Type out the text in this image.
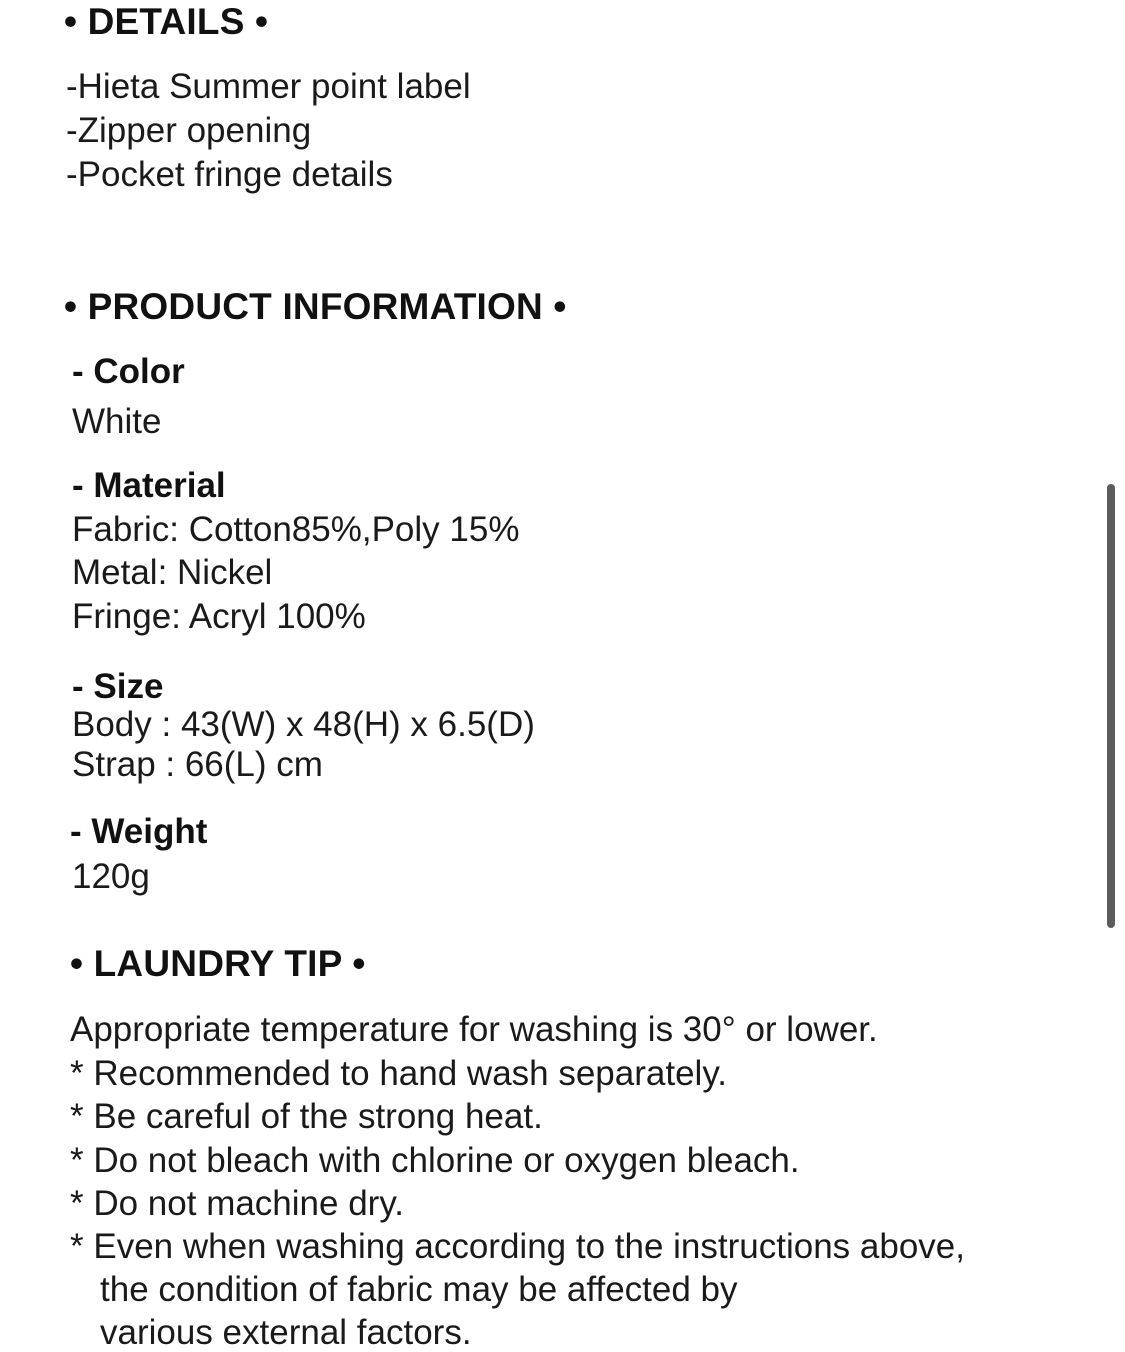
• DETAILS •
-Hieta Summer point label
-Zipper opening
-Pocket fringe details
• PRODUCT INFORMATION •
- Color
White
- Material
Fabric: Cotton85%,Poly 15%
Metal: Nickel
Fringe: Acryl 100%
- Size
Body : 43(W) x 48(H) x 6.5(D)
Strap : 66(L) cm
- Weight
120g
• LAUNDRY TIP •
Appropriate temperature for washing is 30° or lower.
* Recommended to hand wash separately.
* Be careful of the strong heat.
* Do not bleach with chlorine or oxygen bleach.
* Do not machine dry.
* Even when washing according to the instructions above,
the condition of fabric may be affected by
various external factors.
